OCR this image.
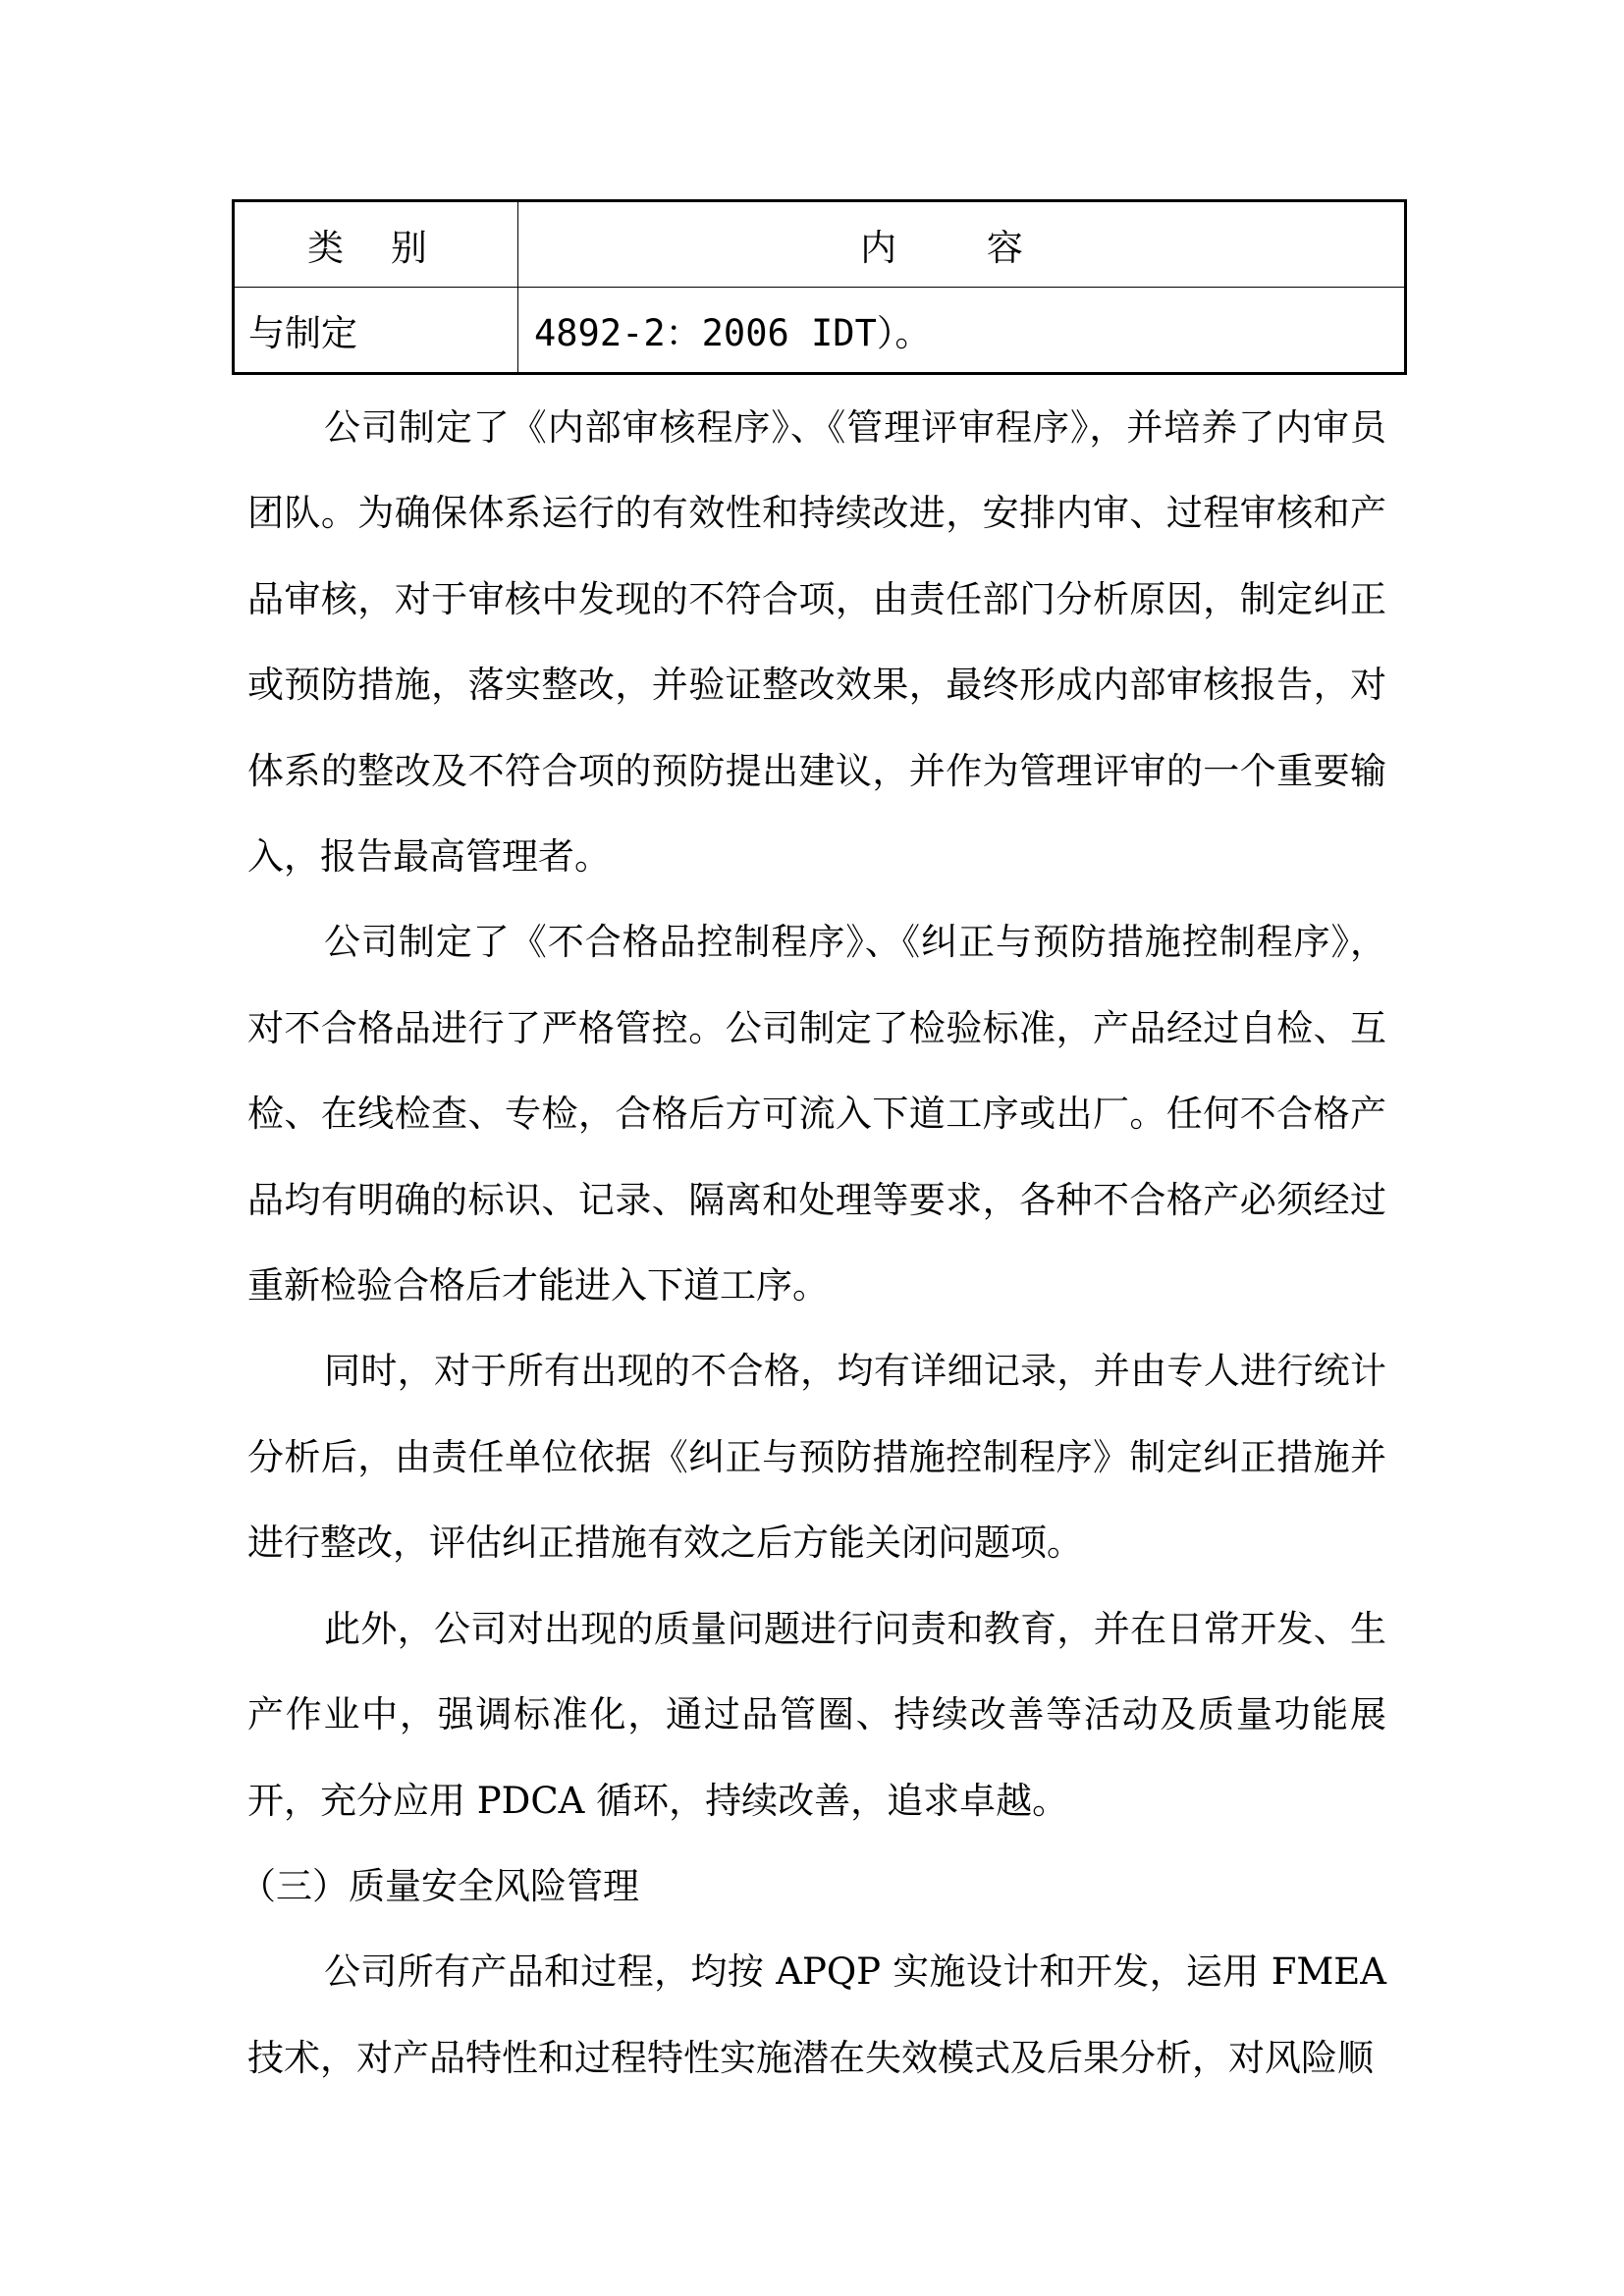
类 别	内 容
与制定	4892-2：2006 IDT）。

公司制定了《内部审核程序》、《管理评审程序》，并培养了内审员团队。为确保体系运行的有效性和持续改进，安排内审、过程审核和产品审核，对于审核中发现的不符合项，由责任部门分析原因，制定纠正或预防措施，落实整改，并验证整改效果，最终形成内部审核报告，对体系的整改及不符合项的预防提出建议，并作为管理评审的一个重要输入，报告最高管理者。

公司制定了《不合格品控制程序》、《纠正与预防措施控制程序》，对不合格品进行了严格管控。公司制定了检验标准，产品经过自检、互检、在线检查、专检，合格后方可流入下道工序或出厂。任何不合格产品均有明确的标识、记录、隔离和处理等要求，各种不合格产必须经过重新检验合格后才能进入下道工序。

同时，对于所有出现的不合格，均有详细记录，并由专人进行统计分析后，由责任单位依据《纠正与预防措施控制程序》制定纠正措施并进行整改，评估纠正措施有效之后方能关闭问题项。

此外，公司对出现的质量问题进行问责和教育，并在日常开发、生产作业中，强调标准化，通过品管圈、持续改善等活动及质量功能展开，充分应用 PDCA 循环，持续改善，追求卓越。

（三）质量安全风险管理

公司所有产品和过程，均按 APQP 实施设计和开发，运用 FMEA 技术，对产品特性和过程特性实施潜在失效模式及后果分析，对风险顺
